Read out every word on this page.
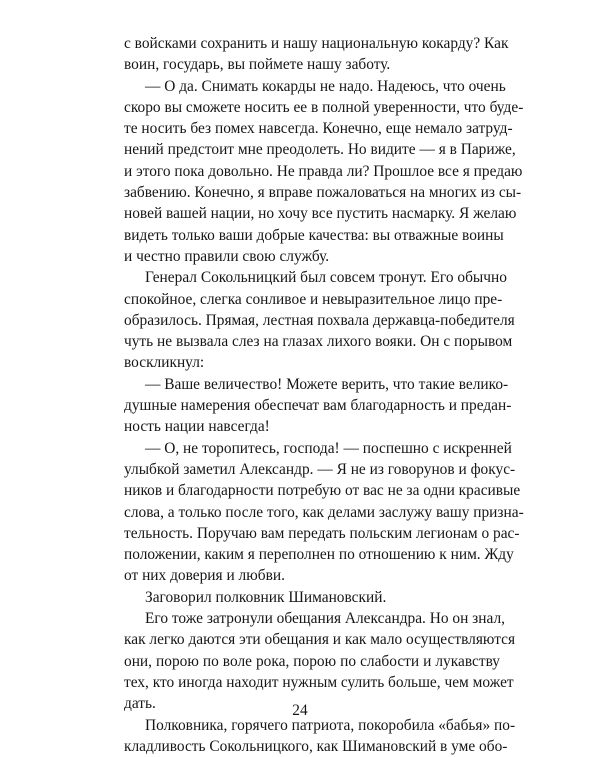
с войсками сохранить и нашу национальную кокарду? Как
воин, государь, вы поймете нашу заботу.
— О да. Снимать кокарды не надо. Надеюсь, что очень
скоро вы сможете носить ее в полной уверенности, что буде-
те носить без помех навсегда. Конечно, еще немало затруд-
нений предстоит мне преодолеть. Но видите — я в Париже,
и этого пока довольно. Не правда ли? Прошлое все я предаю
забвению. Конечно, я вправе пожаловаться на многих из сы-
новей вашей нации, но хочу все пустить насмарку. Я желаю
видеть только ваши добрые качества: вы отважные воины
и честно правили свою службу.
Генерал Сокольницкий был совсем тронут. Его обычно
спокойное, слегка сонливое и невыразительное лицо пре-
образилось. Прямая, лестная похвала державца-победителя
чуть не вызвала слез на глазах лихого вояки. Он с порывом
воскликнул:
— Ваше величество! Можете верить, что такие велико-
душные намерения обеспечат вам благодарность и предан-
ность нации навсегда!
— О, не торопитесь, господа! — поспешно с искренней
улыбкой заметил Александр. — Я не из говорунов и фокус-
ников и благодарности потребую от вас не за одни красивые
слова, а только после того, как делами заслужу вашу призна-
тельность. Поручаю вам передать польским легионам о рас-
положении, каким я переполнен по отношению к ним. Жду
от них доверия и любви.
Заговорил полковник Шимановский.
Его тоже затронули обещания Александра. Но он знал,
как легко даются эти обещания и как мало осуществляются
они, порою по воле рока, порою по слабости и лукавству
тех, кто иногда находит нужным сулить больше, чем может
дать.
Полковника, горячего патриота, покоробила «бабья» по-
кладливость Сокольницкого, как Шимановский в уме обо-
24
